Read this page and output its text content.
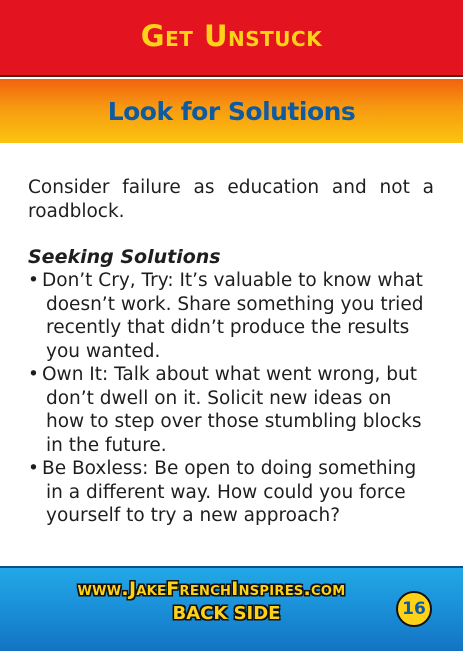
Get Unstuck
Look for Solutions

Consider failure as education and not a roadblock.

Seeking Solutions
• Don’t Cry, Try: It’s valuable to know what doesn’t work. Share something you tried recently that didn’t produce the results you wanted.
• Own It: Talk about what went wrong, but don’t dwell on it. Solicit new ideas on how to step over those stumbling blocks in the future.
• Be Boxless: Be open to doing something in a different way. How could you force yourself to try a new approach?
www.JakeFrenchInspires.com
BACK SIDE	16
